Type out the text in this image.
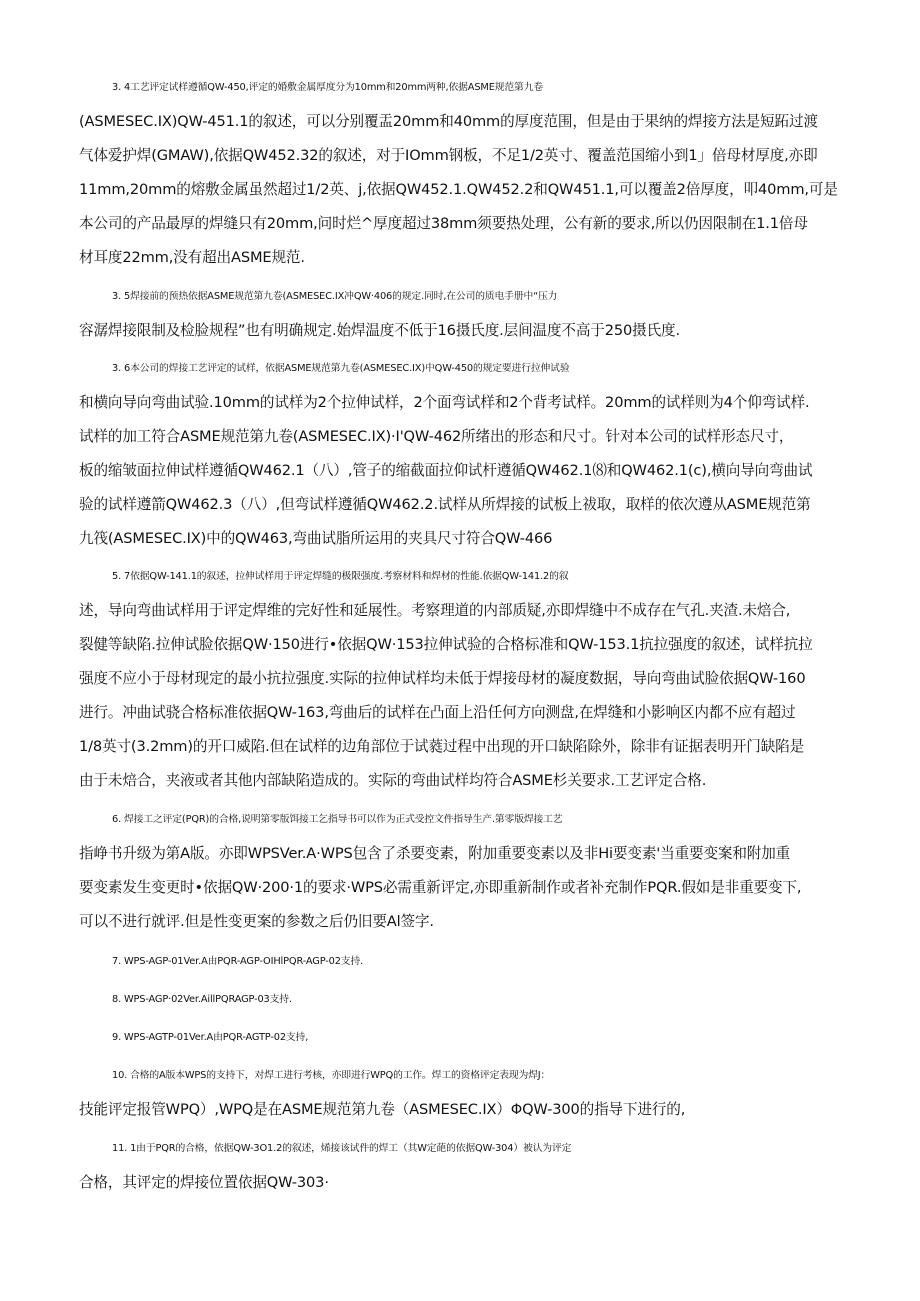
3. 4工艺评定试样遵循QW-450,评定的婚敷金属厚度分为10mm和20mm两种,依据ASME规范第九卷
(ASMESEC.IX)QW-451.1的叙述，可以分别覆盂20mm和40mm的厚度范围，但是由于果纳的焊接方法是短跖过渡
气体爱护焊(GMAW),依据QW452.32的叙述，对于IOmm钢板，不足1/2英寸、覆盖范国缩小到1」倍母材厚度,亦即
11mm,20mm的熔敷金属虽然超过1/2英、j,依据QW452.1.QW452.2和QW451.1,可以覆盖2倍厚度，叩40mm,可是
本公司的产品最厚的焊缝只有20mm,问时烂^厚度超过38mm须要热处理，公有新的要求,所以仍因限制在1.1倍母
材耳度22mm,没有超出ASME规范.
3. 5焊接前的预热依据ASME规范第九卷(ASMESEC.IX冲QW·406的规定.同时,在公司的质电手册中“压力
容潺焊接限制及检脸规程”也有明确规定.始焊温度不低于16摄氏度.层间温度不高于250摄氏度.
3. 6本公司的焊接工艺评定的试样，依据ASME规范第九卷(ASMESEC.IX)中QW-450的规定要进行拉伸试验
和横向导向弯曲试验.10mm的试样为2个拉伸试样，2个面弯试样和2个背考试样。20mm的试样则为4个仰弯试样.
试样的加工符合ASME规范第九卷(ASMESEC.IX)·I'QW-462所绪出的形态和尺寸。针对本公司的试样形态尺寸，
板的缩皱面拉伸试样遵循QW462.1（八）,管子的缩截面拉仰试杆遵循QW462.1⑻和QW462.1(c),横向导向弯曲试
验的试样遵箭QW462.3（八）,但弯试样遵循QW462.2.试样从所焊接的试板上祓取，取样的依次遵从ASME规范第
九筏(ASMESEC.IX)中的QW463,弯曲试脂所运用的夹具尺寸符合QW-466
5. 7依据QW-141.1的叙述，拉伸试样用于评定焊缝的极限强度.考察材料和焊材的性能.依据QW-141.2的叙
述，导向弯曲试样用于评定焊维的完好性和延展性。考察理道的内部质疑,亦即焊缝中不成存在气孔.夹渣.未焙合,
裂健等缺陷.拉伸试脸依据QW·150进行•依据QW·153拉伸试验的合格标准和QW-153.1抗拉强度的叙述，试样抗拉
强度不应小于母材现定的最小抗拉强度.实际的拉伸试样均未低于焊接母材的凝度数据，导向弯曲试脸依据QW-160
进行。冲曲试骁合格标准依据QW-163,弯曲后的试样在凸面上沿任何方向测盘,在焊缝和小影响区内都不应有超过
1/8英寸(3.2mm)的开口威陷.但在试样的边角部位于试蕤过程中出现的开口缺陷除外，除非有证据表明开门缺陷是
由于未焙合，夹液或者其他内部缺陷造成的。实际的弯曲试样均符合ASME杉关要求.工艺评定合格.
6. 焊接工之评定(PQR)的合格,说明第零版饵接工乞指导书可以作为正式受控文件指导生产.第零版焊接工艺
指峥书升级为第A版。亦即WPSVer.A·WPS包含了杀要变素，附加重要变素以及非Hi要变素'当重要变案和附加重
要变素发生变更时•依据QW·200·1的要求·WPS必需重新评定,亦即重新制作或者补充制作PQR.假如是非重要变下,
可以不进行就评.但是性变更案的参数之后仍旧要Al签字.
7. WPS-AGP-01Ver.A由PQR-AGP-OIHlPQR-AGP-02支持.
8. WPS-AGP·02Ver.AillPQRAGP-03支持.
9. WPS-AGTP-01Ver.A由PQR-AGTP-02支持,
10. 合格的A版本WPS的支持下，对焊工进行考核，亦即进行WPQ的工作。焊工的资格评定表现为焊J：
技能评定报管WPQ）,WPQ是在ASME规范第九卷（ASMESEC.IX）ΦQW-300的指导下进行的,
11. 1由于PQR的合格，依据QW-3O1.2的叙述，烯接该试件的焊工（其W定葩的依据QW-304）被认为评定
合格，其评定的焊接位置依据QW-303·
